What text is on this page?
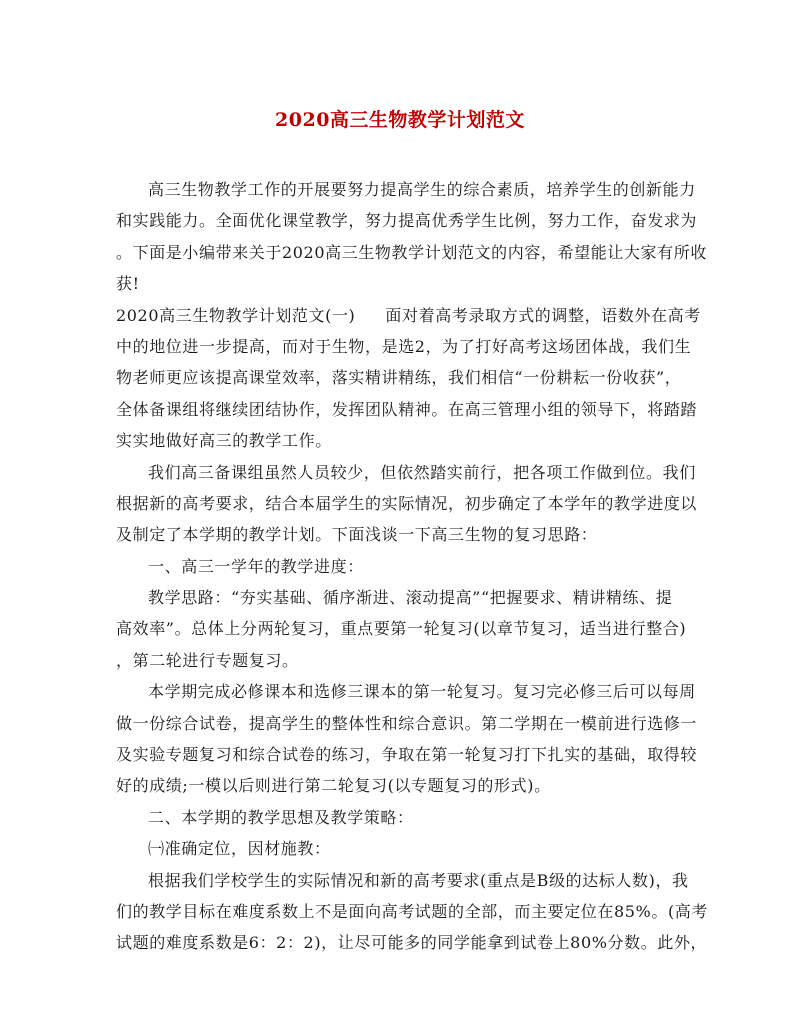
2020高三生物教学计划范文
高三生物教学工作的开展要努力提高学生的综合素质，培养学生的创新能力
和实践能力。全面优化课堂教学，努力提高优秀学生比例，努力工作，奋发求为
。下面是小编带来关于2020高三生物教学计划范文的内容，希望能让大家有所收
获!
2020高三生物教学计划范文(一) 面对着高考录取方式的调整，语数外在高考
中的地位进一步提高，而对于生物，是选2，为了打好高考这场团体战，我们生
物老师更应该提高课堂效率，落实精讲精练，我们相信“一份耕耘一份收获”，
全体备课组将继续团结协作，发挥团队精神。在高三管理小组的领导下，将踏踏
实实地做好高三的教学工作。
我们高三备课组虽然人员较少，但依然踏实前行，把各项工作做到位。我们
根据新的高考要求，结合本届学生的实际情况，初步确定了本学年的教学进度以
及制定了本学期的教学计划。下面浅谈一下高三生物的复习思路：
一、高三一学年的教学进度：
教学思路：“夯实基础、循序渐进、滚动提高”“把握要求、精讲精练、提
高效率”。总体上分两轮复习，重点要第一轮复习(以章节复习，适当进行整合)
，第二轮进行专题复习。
本学期完成必修课本和选修三课本的第一轮复习。复习完必修三后可以每周
做一份综合试卷，提高学生的整体性和综合意识。第二学期在一模前进行选修一
及实验专题复习和综合试卷的练习，争取在第一轮复习打下扎实的基础，取得较
好的成绩;一模以后则进行第二轮复习(以专题复习的形式)。
二、本学期的教学思想及教学策略：
㈠准确定位，因材施教：
根据我们学校学生的实际情况和新的高考要求(重点是B级的达标人数)，我
们的教学目标在难度系数上不是面向高考试题的全部，而主要定位在85%。(高考
试题的难度系数是6：2：2)，让尽可能多的同学能拿到试卷上80%分数。此外，
